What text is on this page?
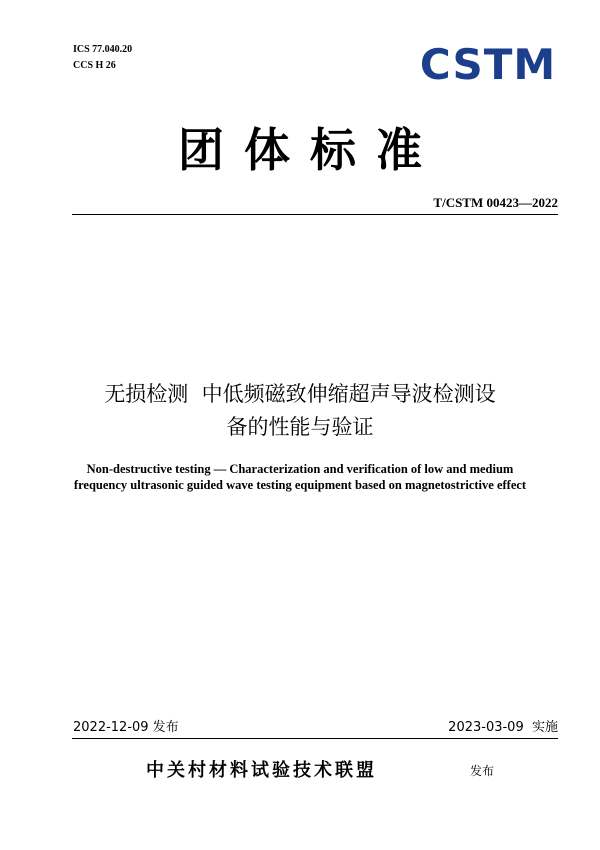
ICS 77.040.20
CCS H 26	CSTM
团体标准
T/CSTM 00423—2022
无损检测  中低频磁致伸缩超声导波检测设
备的性能与验证
Non-destructive testing — Characterization and verification of low and medium frequency ultrasonic guided wave testing equipment based on magnetostrictive effect
2022-12-09 发布	2023-03-09  实施
中关村材料试验技术联盟	发布
